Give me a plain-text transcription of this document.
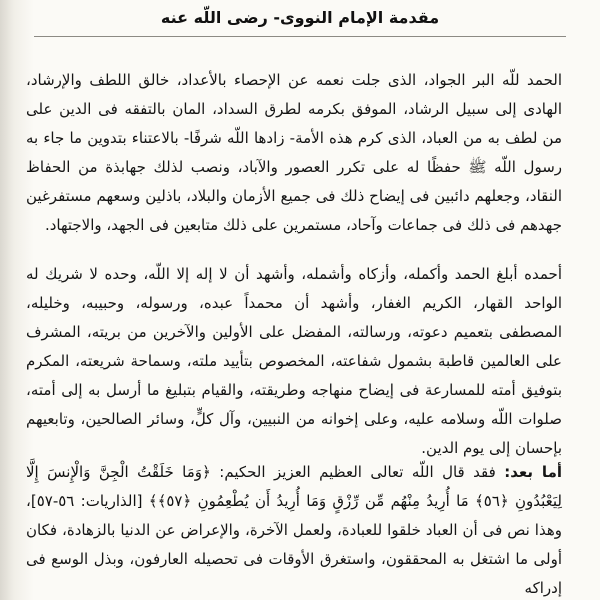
مقدمة الإمام النووى- رضى اللّه عنه

الحمد للّه البر الجواد، الذى جلت نعمه عن الإحصاء بالأعداد، خالق اللطف والإرشاد، الهادى إلى سبيل الرشاد، الموفق بكرمه لطرق السداد، المان بالتفقه فى الدين على من لطف به من العباد، الذى كرم هذه الأمة- زادها اللّه شرفًا- بالاعتناء بتدوين ما جاء به رسول اللّه ﷺ حفظًا له على تكرر العصور والآباد، ونصب لذلك جهابذة من الحفاظ النقاد، وجعلهم دائبين فى إيضاح ذلك فى جميع الأزمان والبلاد، باذلين وسعهم مستفرغين جهدهم فى ذلك فى جماعات وآحاد، مستمرين على ذلك متابعين فى الجهد، والاجتهاد.

أحمده أبلغ الحمد وأكمله، وأزكاه وأشمله، وأشهد أن لا إله إلا اللّه، وحده لا شريك له الواحد القهار، الكريم الغفار، وأشهد أن محمداً عبده، ورسوله، وحبيبه، وخليله، المصطفى بتعميم دعوته، ورسالته، المفضل على الأولين والآخرين من بريته، المشرف على العالمين قاطبة بشمول شفاعته، المخصوص بتأييد ملته، وسماحة شريعته، المكرم بتوفيق أمته للمسارعة فى إيضاح منهاجه وطريقته، والقيام بتبليغ ما أرسل به إلى أمته، صلوات اللّه وسلامه عليه، وعلى إخوانه من النبيين، وآل كلٍّ، وسائر الصالحين، وتابعيهم بإحسان إلى يوم الدين.

أما بعد: فقد قال اللّه تعالى العظيم العزيز الحكيم: ﴿وَمَا خَلَقْتُ الْجِنَّ وَالْإِنسَ إِلَّا لِيَعْبُدُونِ ﴿٥٦﴾ مَا أُرِيدُ مِنْهُم مِّن رِّزْقٍ وَمَا أُرِيدُ أَن يُطْعِمُونِ ﴿٥٧﴾﴾ [الذاريات: ٥٦-٥٧]، وهذا نص فى أن العباد خلقوا للعبادة، ولعمل الآخرة، والإعراض عن الدنيا بالزهادة، فكان أولى ما اشتغل به المحققون، واستغرق الأوقات فى تحصيله العارفون، وبذل الوسع فى إدراكه
